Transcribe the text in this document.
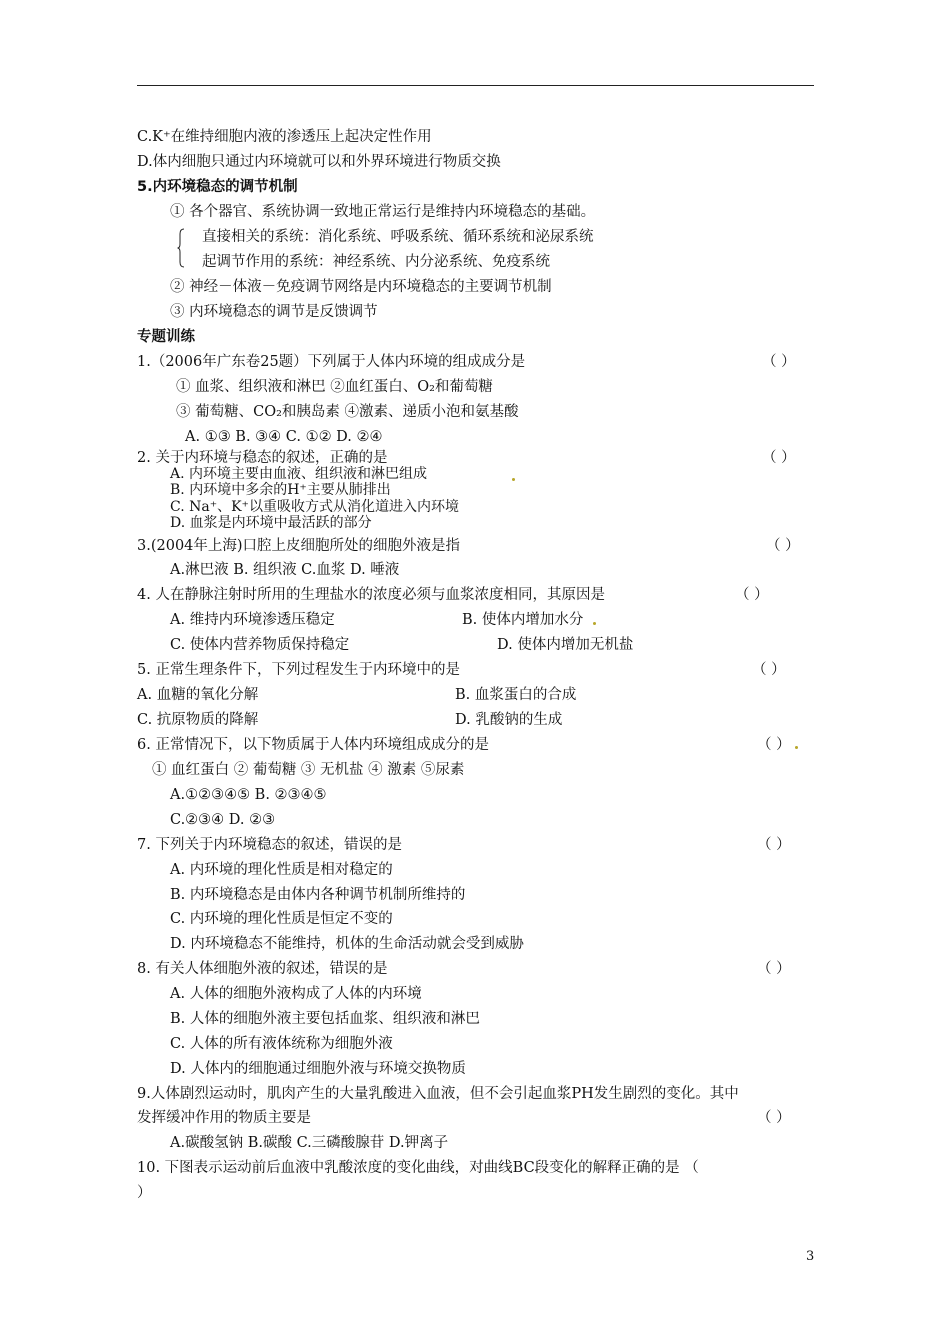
C.K⁺在维持细胞内液的渗透压上起决定性作用
D.体内细胞只通过内环境就可以和外界环境进行物质交换
5.内环境稳态的调节机制
① 各个器官、系统协调一致地正常运行是维持内环境稳态的基础。
直接相关的系统：消化系统、呼吸系统、循环系统和泌尿系统
起调节作用的系统：神经系统、内分泌系统、免疫系统
② 神经－体液－免疫调节网络是内环境稳态的主要调节机制
③ 内环境稳态的调节是反馈调节
专题训练
1.（2006年广东卷25题）下列属于人体内环境的组成成分是	（ ）
① 血浆、组织液和淋巴 ②血红蛋白、O₂和葡萄糖
③ 葡萄糖、CO₂和胰岛素 ④激素、递质小泡和氨基酸
A. ①③ B. ③④ C. ①② D. ②④
2. 关于内环境与稳态的叙述，正确的是	（ ）
A. 内环境主要由血液、组织液和淋巴组成
B. 内环境中多余的H⁺主要从肺排出
C. Na⁺、K⁺以重吸收方式从消化道进入内环境
D. 血浆是内环境中最活跃的部分
3.(2004年上海)口腔上皮细胞所处的细胞外液是指	（ ）
A.淋巴液 B. 组织液 C.血浆 D. 唾液
4. 人在静脉注射时所用的生理盐水的浓度必须与血浆浓度相同，其原因是	（ ）
A. 维持内环境渗透压稳定	B. 使体内增加水分
C. 使体内营养物质保持稳定	D. 使体内增加无机盐
5. 正常生理条件下，下列过程发生于内环境中的是	（ ）
A. 血糖的氧化分解	B. 血浆蛋白的合成
C. 抗原物质的降解	D. 乳酸钠的生成
6. 正常情况下，以下物质属于人体内环境组成成分的是	（ ）
① 血红蛋白 ② 葡萄糖 ③ 无机盐 ④ 激素 ⑤尿素
A.①②③④⑤ B. ②③④⑤
C.②③④ D. ②③
7. 下列关于内环境稳态的叙述，错误的是	（ ）
A. 内环境的理化性质是相对稳定的
B. 内环境稳态是由体内各种调节机制所维持的
C. 内环境的理化性质是恒定不变的
D. 内环境稳态不能维持，机体的生命活动就会受到威胁
8. 有关人体细胞外液的叙述，错误的是	（ ）
A. 人体的细胞外液构成了人体的内环境
B. 人体的细胞外液主要包括血浆、组织液和淋巴
C. 人体的所有液体统称为细胞外液
D. 人体内的细胞通过细胞外液与环境交换物质
9.人体剧烈运动时，肌肉产生的大量乳酸进入血液，但不会引起血浆PH发生剧烈的变化。其中
发挥缓冲作用的物质主要是	（ ）
A.碳酸氢钠 B.碳酸 C.三磷酸腺苷 D.钾离子
10. 下图表示运动前后血液中乳酸浓度的变化曲线，对曲线BC段变化的解释正确的是 （
）
3
